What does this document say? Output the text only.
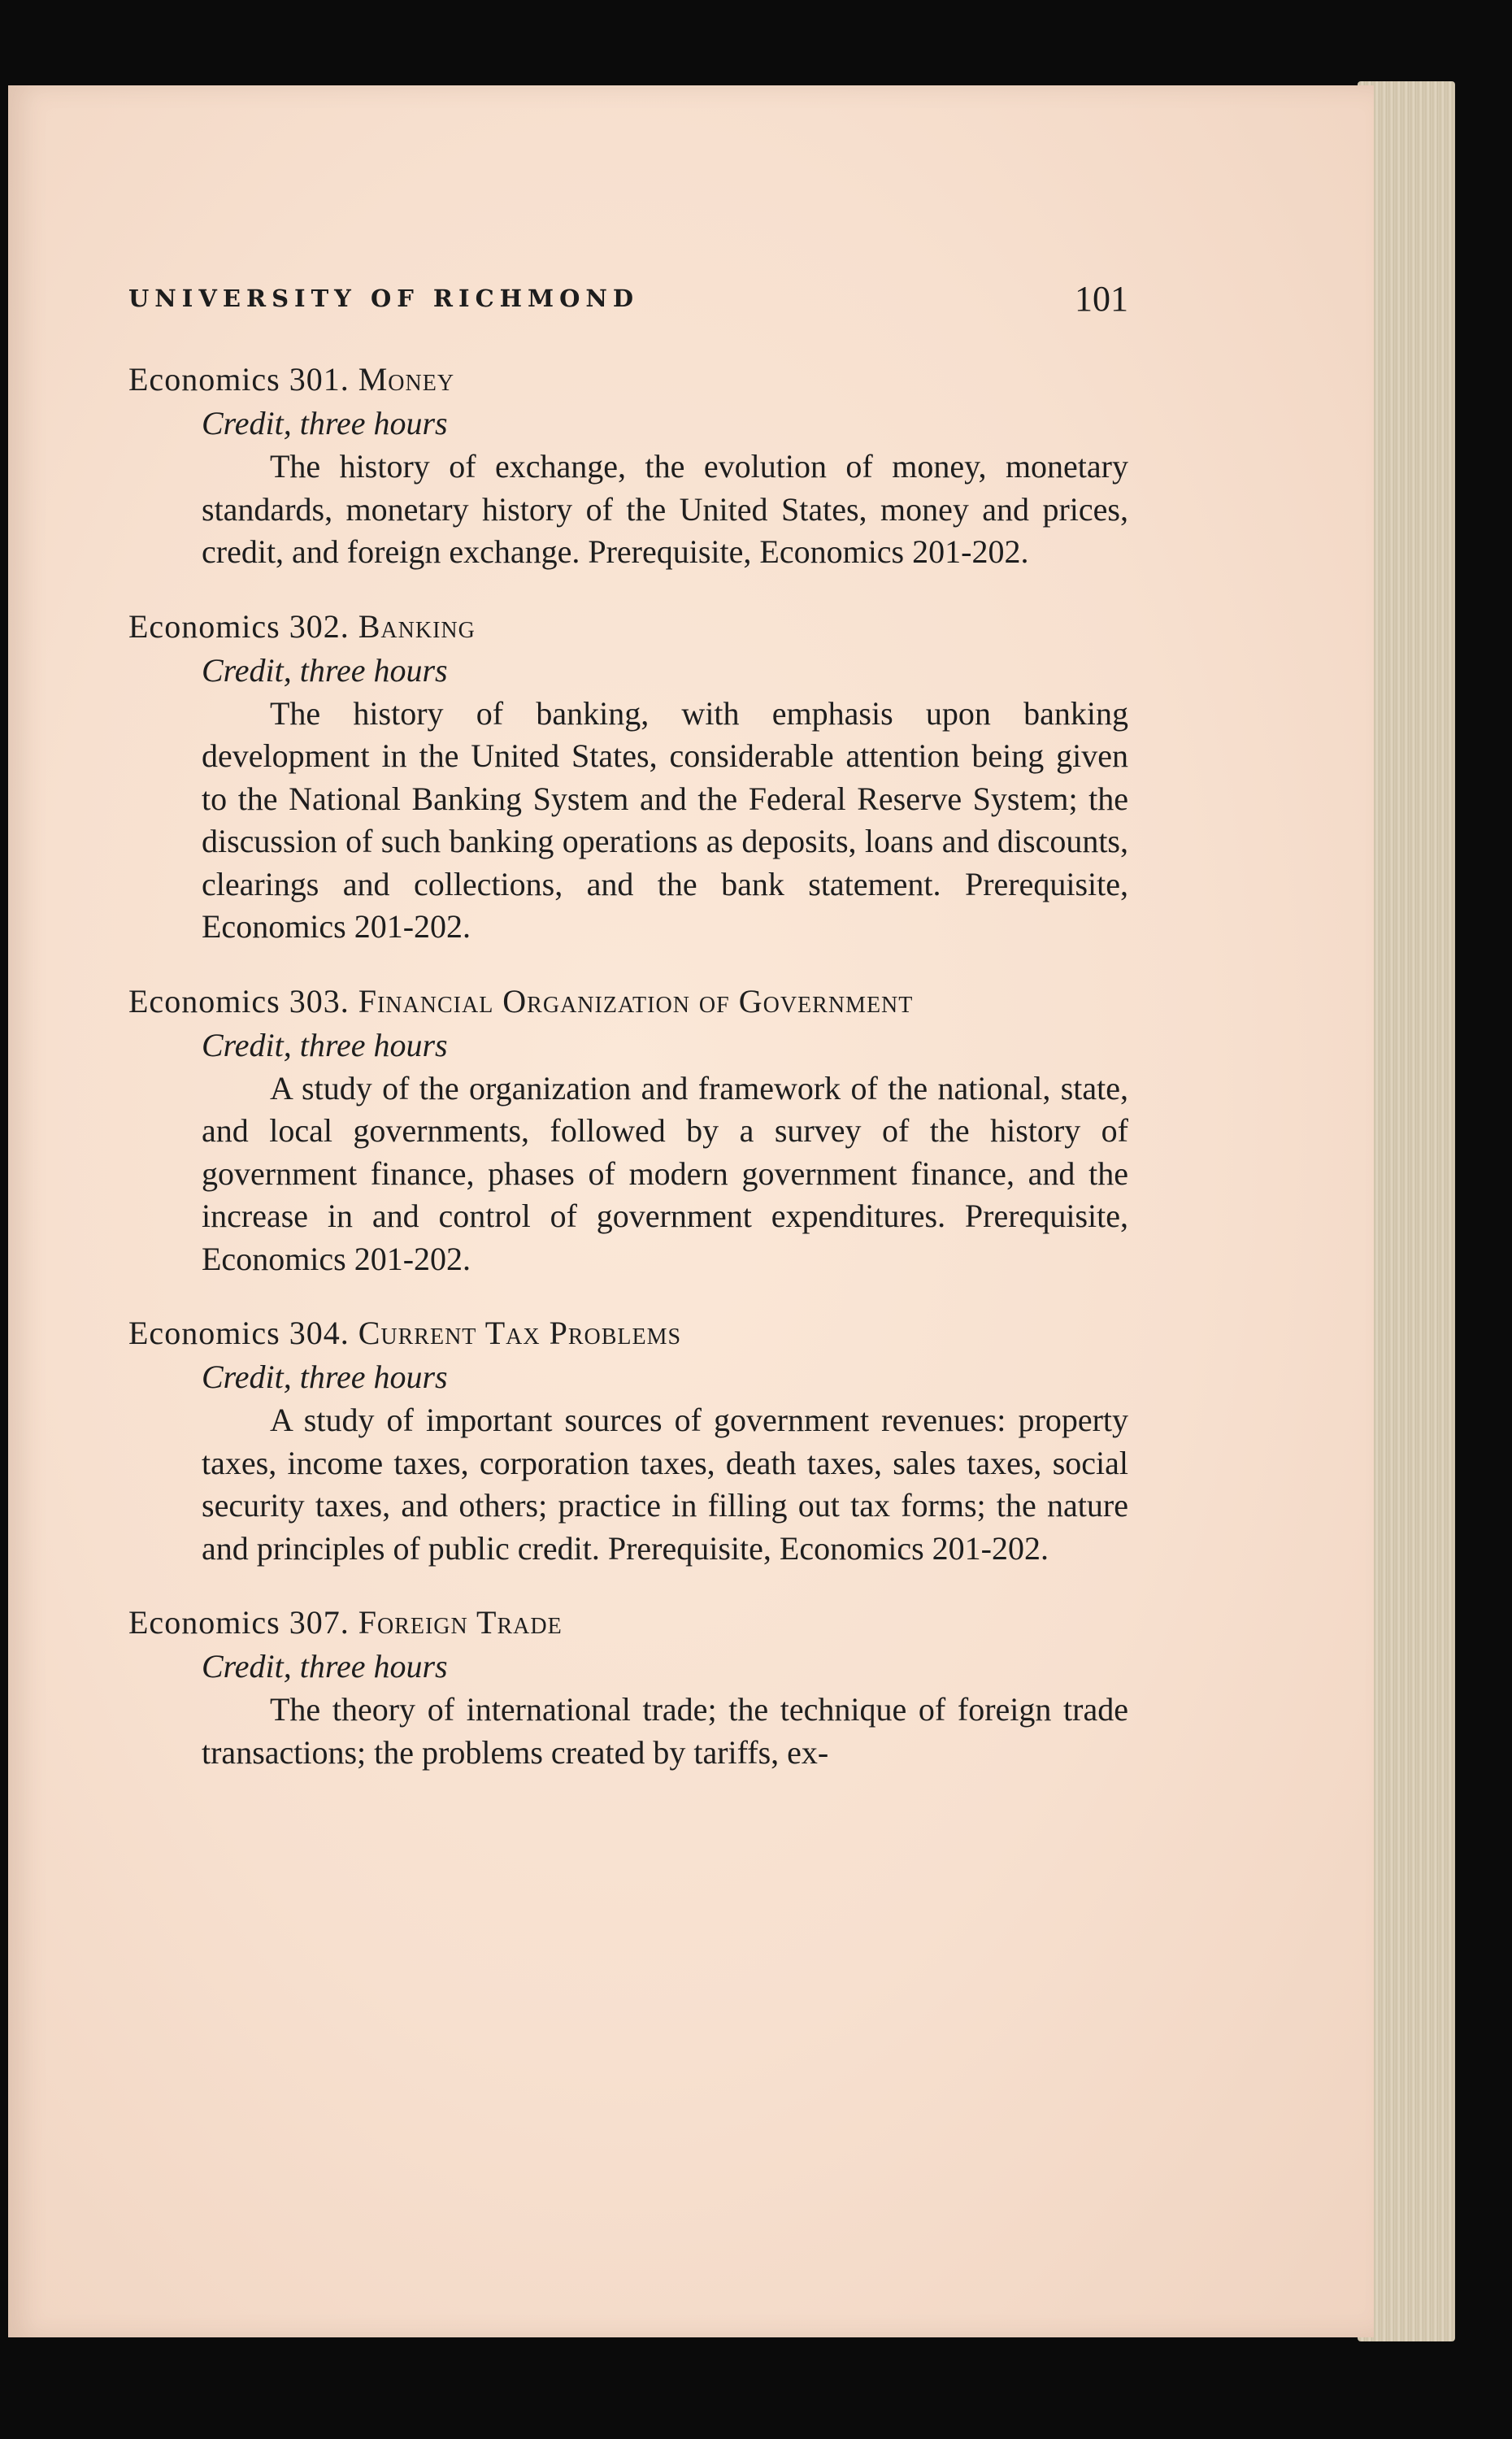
UNIVERSITY OF RICHMOND	101
Economics 301. Money
Credit, three hours
The history of exchange, the evolution of money, monetary standards, monetary history of the United States, money and prices, credit, and foreign exchange. Prerequisite, Economics 201-202.
Economics 302. Banking
Credit, three hours
The history of banking, with emphasis upon banking development in the United States, considerable attention being given to the National Banking System and the Federal Reserve System; the discussion of such banking operations as deposits, loans and discounts, clearings and collections, and the bank statement. Prerequisite, Economics 201-202.
Economics 303. Financial Organization of Government
Credit, three hours
A study of the organization and framework of the national, state, and local governments, followed by a survey of the history of government finance, phases of modern government finance, and the increase in and control of government expenditures. Prerequisite, Economics 201-202.
Economics 304. Current Tax Problems
Credit, three hours
A study of important sources of government revenues: property taxes, income taxes, corporation taxes, death taxes, sales taxes, social security taxes, and others; practice in filling out tax forms; the nature and principles of public credit. Prerequisite, Economics 201-202.
Economics 307. Foreign Trade
Credit, three hours
The theory of international trade; the technique of foreign trade transactions; the problems created by tariffs, ex-
